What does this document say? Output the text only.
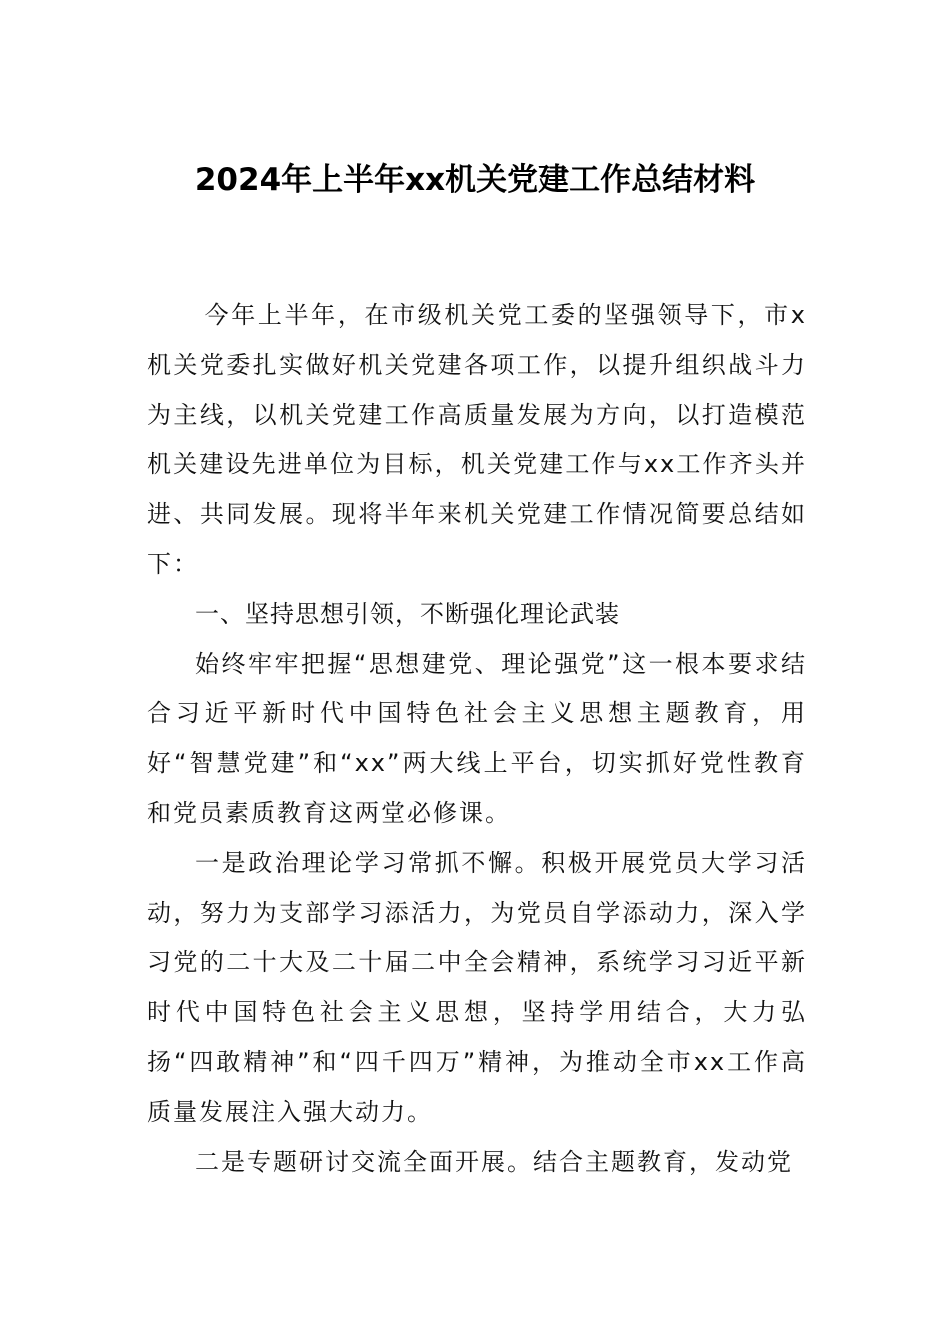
2024年上半年xx机关党建工作总结材料

今年上半年，在市级机关党工委的坚强领导下，市x机关党委扎实做好机关党建各项工作，以提升组织战斗力为主线，以机关党建工作高质量发展为方向，以打造模范机关建设先进单位为目标，机关党建工作与xx工作齐头并进、共同发展。现将半年来机关党建工作情况简要总结如下：

一、坚持思想引领，不断强化理论武装

始终牢牢把握“思想建党、理论强党”这一根本要求结合习近平新时代中国特色社会主义思想主题教育，用好“智慧党建”和“xx”两大线上平台，切实抓好党性教育和党员素质教育这两堂必修课。

一是政治理论学习常抓不懈。积极开展党员大学习活动，努力为支部学习添活力，为党员自学添动力，深入学习党的二十大及二十届二中全会精神，系统学习习近平新时代中国特色社会主义思想，坚持学用结合，大力弘扬“四敢精神”和“四千四万”精神，为推动全市xx工作高质量发展注入强大动力。

二是专题研讨交流全面开展。结合主题教育，发动党
